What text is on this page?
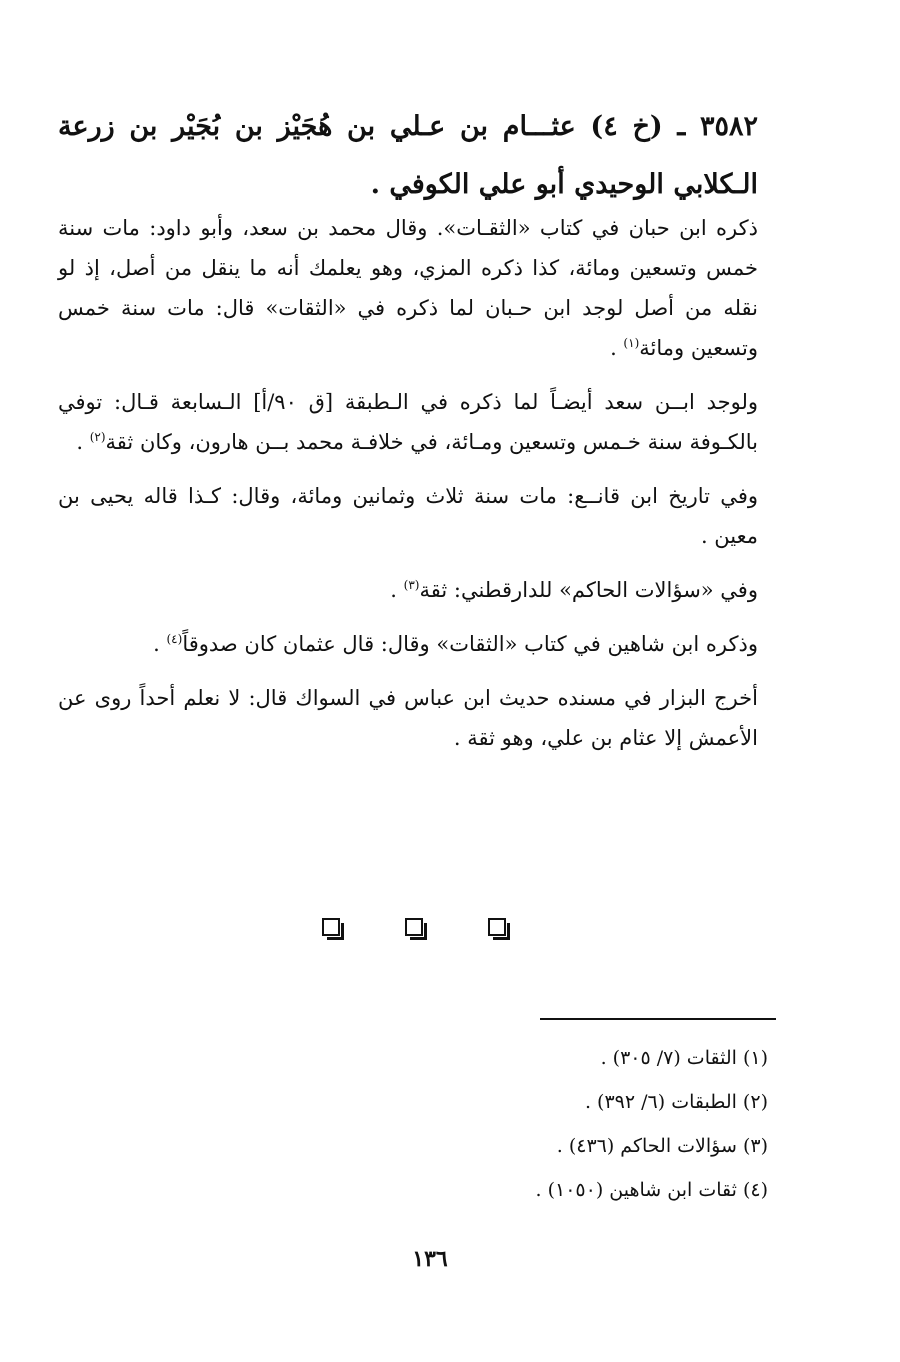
٣٥٨٢ ـ (خ ٤) عثـــام بن عـلي بن هُجَيْز بن بُجَيْر بن زرعة الـكلابي الوحيدي أبو علي الكوفي .

ذكره ابن حبان في كتاب «الثقـات». وقال محمد بن سعد، وأبو داود: مات سنة خمس وتسعين ومائة، كذا ذكره المزي، وهو يعلمك أنه ما ينقل من أصل، إذ لو نقله من أصل لوجد ابن حـبان لما ذكره في «الثقات» قال: مات سنة خمس وتسعين ومائة$^{(١)}$ .

ولوجد ابــن سعد أيضـاً لما ذكره في الـطبقة [ق ٩٠/أ] الـسابعة قـال: توفي بالكـوفة سنة خـمس وتسعين ومـائة، في خلافـة محمد بــن هارون، وكان ثقة$^{(٢)}$ .

وفي تاريخ ابن قانــع: مات سنة ثلاث وثمانين ومائة، وقال: كـذا قاله يحيى بن معين .

وفي «سؤالات الحاكم» للدارقطني: ثقة$^{(٣)}$ .

وذكره ابن شاهين في كتاب «الثقات» وقال: قال عثمان كان صدوقاً$^{(٤)}$ .

أخرج البزار في مسنده حديث ابن عباس في السواك قال: لا نعلم أحداً روى عن الأعمش إلا عثام بن علي، وهو ثقة .

(١) الثقات (٧/ ٣٠٥) .

(٢) الطبقات (٦/ ٣٩٢) .

(٣) سؤالات الحاكم (٤٣٦) .

(٤) ثقات ابن شاهين (١٠٥٠) .

١٣٦
